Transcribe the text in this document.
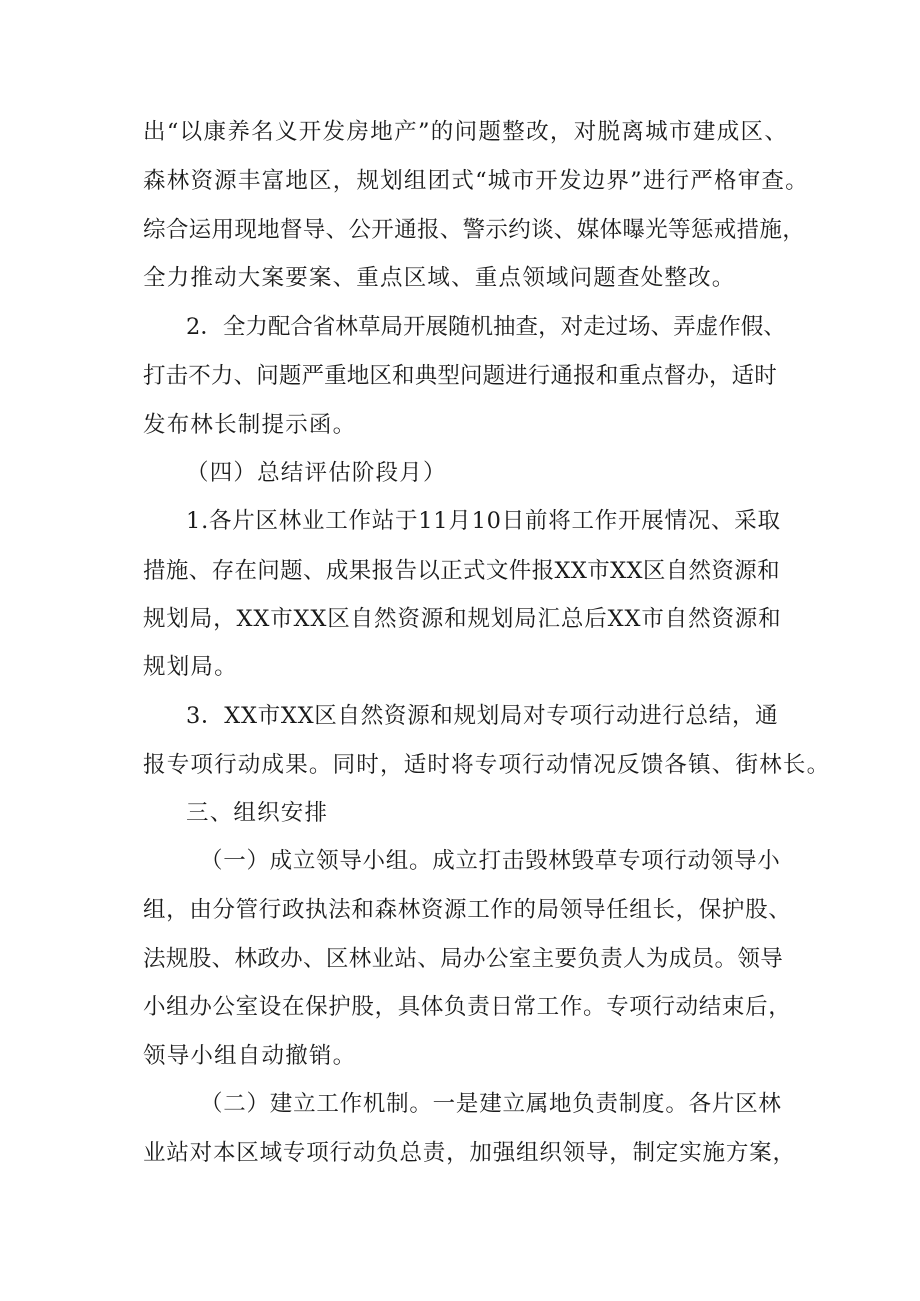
出 “ 以 康 养 名 义 开 发 房 地 产 ” 的 问 题 整 改 ， 对 脱 离 城 市 建 成 区 、
森 林 资 源 丰 富 地 区 ， 规 划 组 团 式 “ 城 市 开 发 边 界 ” 进 行 严 格 审 查 。
综 合 运 用 现 地 督 导 、 公 开 通 报 、 警 示 约 谈 、 媒 体 曝 光 等 惩 戒 措 施 ，
全力推动大案要案、重点区域、重点领域问题查处整改。
2 ． 全 力 配 合 省 林 草 局 开 展 随 机 抽 查 ， 对 走 过 场 、 弄 虚 作 假 、
打 击 不 力 、 问 题 严 重 地 区 和 典 型 问 题 进 行 通 报 和 重 点 督 办 ， 适 时
发布林长制提示函。
（四）总结评估阶段月）
1 . 各 片 区 林 业 工 作 站 于 1 1 月 1 0 日 前 将 工 作 开 展 情 况 、 采 取
措 施 、 存 在 问 题 、 成 果 报 告 以 正 式 文 件 报 X X 市 X X 区 自 然 资 源 和
规 划 局 ， X X 市 X X 区 自 然 资 源 和 规 划 局 汇 总 后 X X 市 自 然 资 源 和
规划局。
3 ． X X 市 X X 区 自 然 资 源 和 规 划 局 对 专 项 行 动 进 行 总 结 ， 通
报专项行动成果。同时，适时将专项行动情况反馈各镇、街林长。
三、组织安排
（ 一 ） 成 立 领 导 小 组 。 成 立 打 击 毁 林 毁 草 专 项 行 动 领 导 小
组 ， 由 分 管 行 政 执 法 和 森 林 资 源 工 作 的 局 领 导 任 组 长 ， 保 护 股 、
法 规 股 、 林 政 办 、 区 林 业 站 、 局 办 公 室 主 要 负 责 人 为 成 员 。 领 导
小 组 办 公 室 设 在 保 护 股 ， 具 体 负 责 日 常 工 作 。 专 项 行 动 结 束 后 ，
领导小组自动撤销。
（ 二 ） 建 立 工 作 机 制 。 一 是 建 立 属 地 负 责 制 度 。 各 片 区 林
业 站 对 本 区 域 专 项 行 动 负 总 责 ， 加 强 组 织 领 导 ， 制 定 实 施 方 案 ，
